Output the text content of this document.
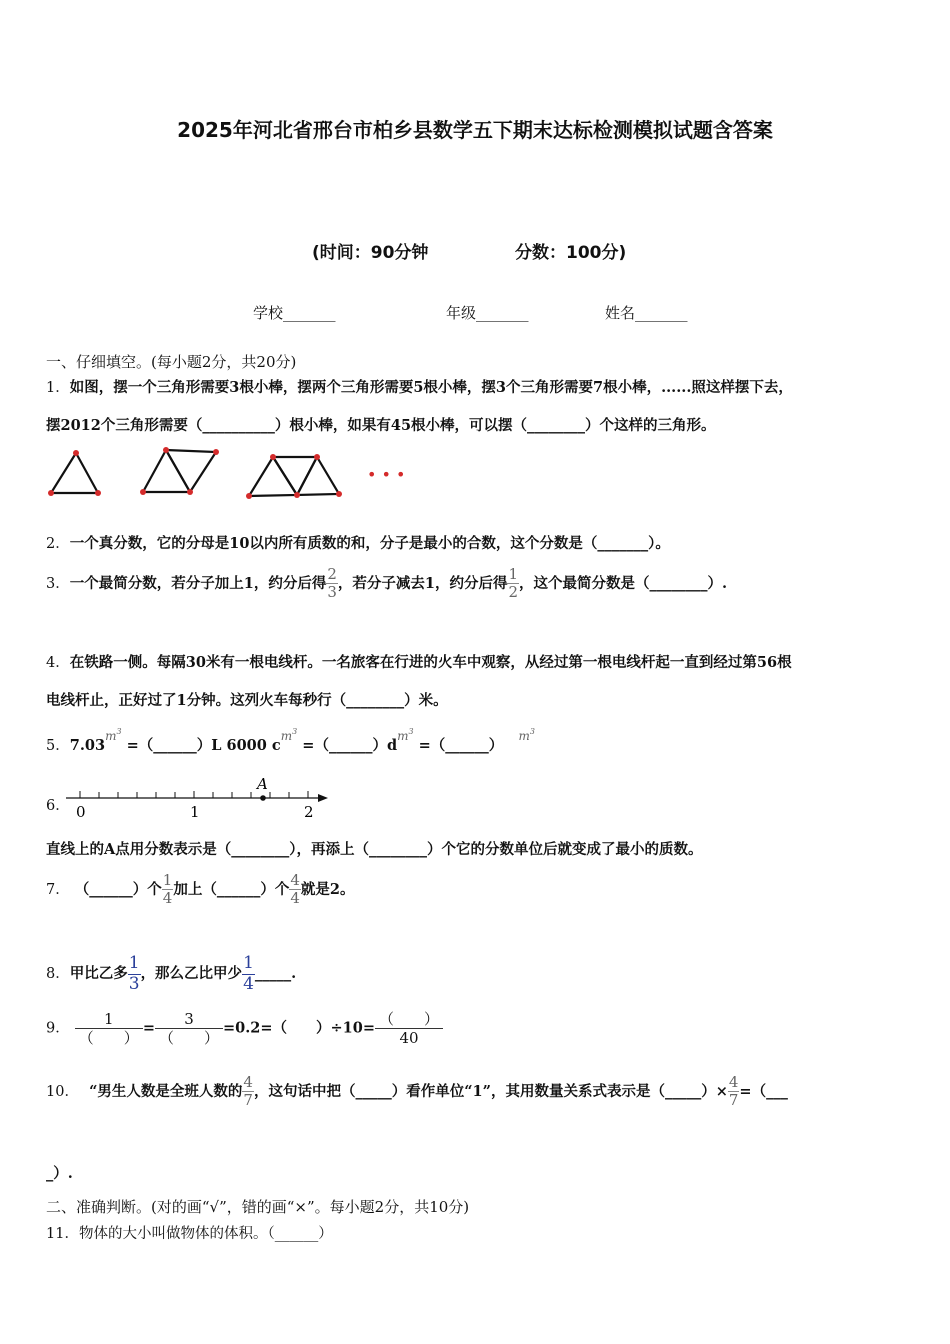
2025年河北省邢台市柏乡县数学五下期末达标检测模拟试题含答案
(时间：90分钟	分数：100分)
学校_______	年级_______	姓名_______
一、仔细填空。(每小题2分，共20分)
1．如图，摆一个三角形需要3根小棒，摆两个三角形需要5根小棒，摆3个三角形需要7根小棒，......照这样摆下去，
摆2012个三角形需要（__________）根小棒，如果有45根小棒，可以摆（________）个这样的三角形。
• • •
2．一个真分数，它的分母是10以内所有质数的和，分子是最小的合数，这个分数是（_______）。
3．一个最简分数，若分子加上1，约分后得 $\frac{2}{3}$ ，若分子减去1，约分后得 $\frac{1}{2}$ ，这个最简分数是（________）.
4．在铁路一侧。每隔30米有一根电线杆。一名旅客在行进的火车中观察，从经过第一根电线杆起一直到经过第56根
电线杆止，正好过了1分钟。这列火车每秒行（________）米。
5．$7.03^{m^3}$ =（______）L 6000 $c^{m^3}$ $=(\_\_\_\_\_\_)d^{m^3}$ =（______）   $^{m^3}$
6．
A
0	1	2
直线上的A点用分数表示是（________），再添上（________）个它的分数单位后就变成了最小的质数。
7． （______）个 $\frac{1}{4}$ 加上（______）个 $\frac{4}{4}$ 就是2。
8．甲比乙多 $\frac{1}{3}$ ，那么乙比甲少 $\frac{1}{4}$ _____.
9． $\frac{1}{( )} = \frac{3}{( )} =0.2=$（　　）$\div 10= \frac{( )}{40}$
10． “男生人数是全班人数的 $\frac{4}{7}$ ，这句话中把（_____）看作单位“1”，其用数量关系式表示是（_____）× $\frac{4}{7}$ =（___
_）.
二、准确判断。(对的画“√”，错的画“×”。每小题2分，共10分)
11．物体的大小叫做物体的体积。（______）
